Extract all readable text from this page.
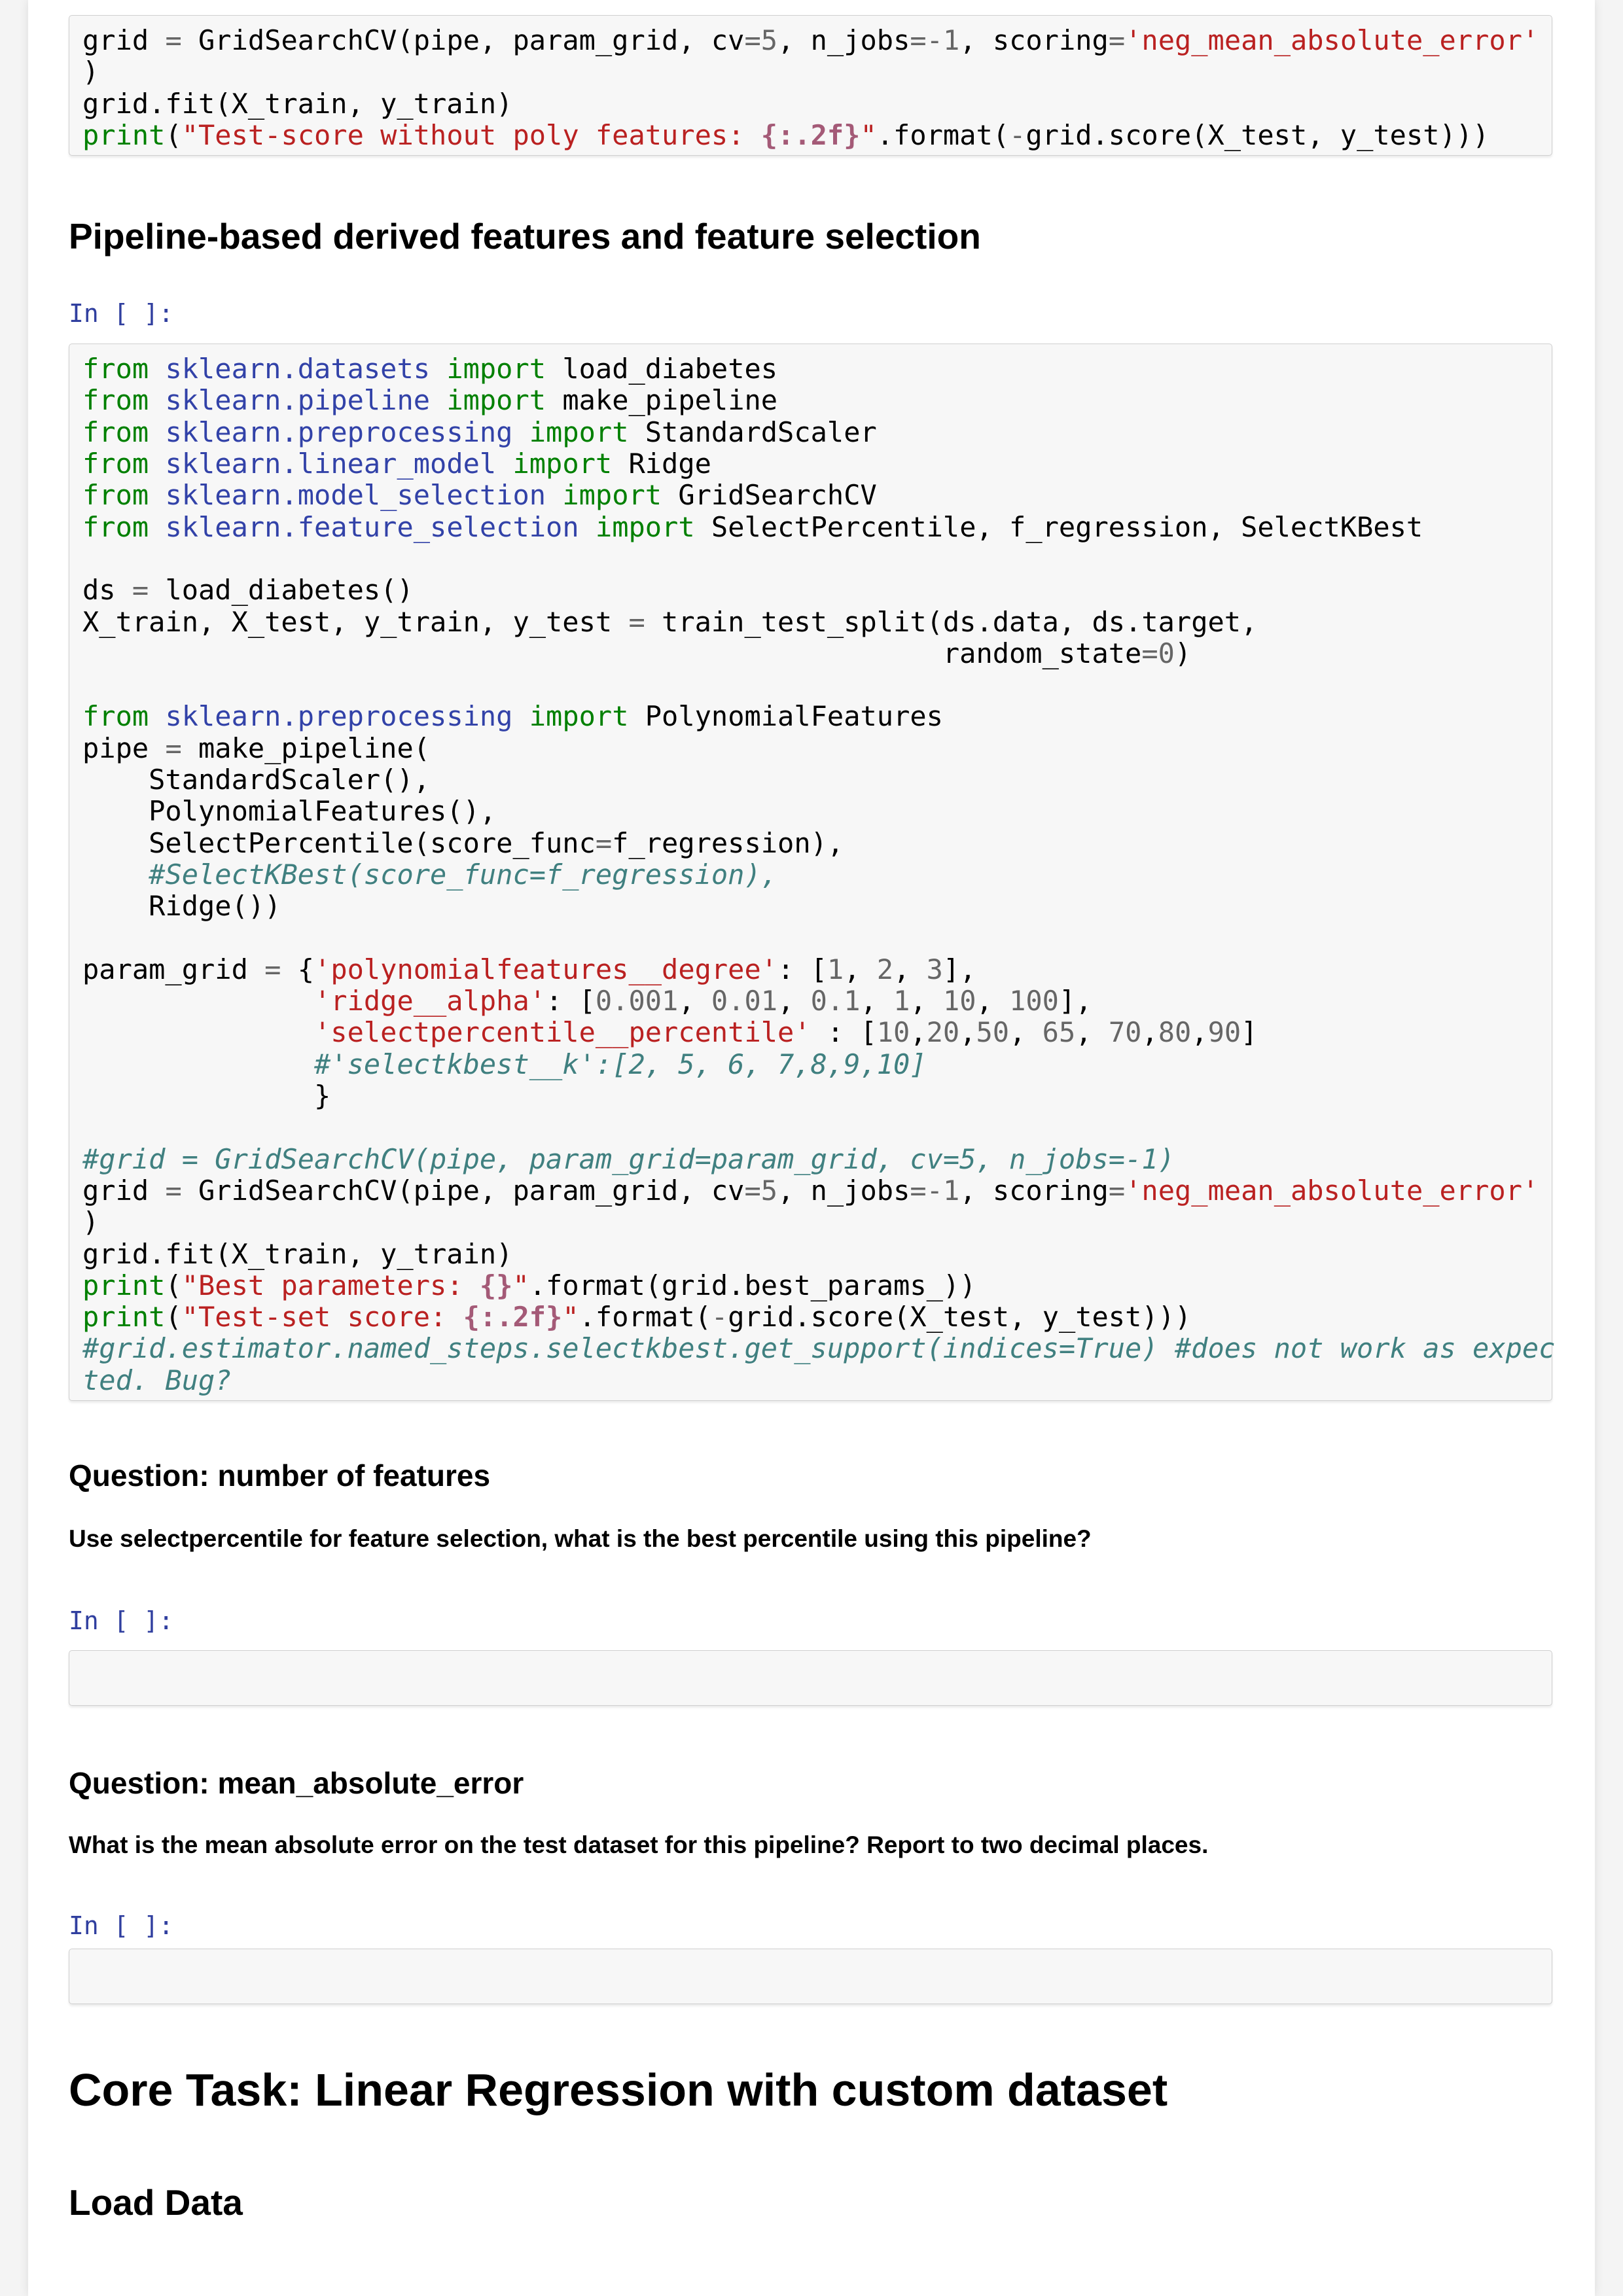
grid = GridSearchCV(pipe, param_grid, cv=5, n_jobs=-1, scoring='neg_mean_absolute_error'
)
grid.fit(X_train, y_train)
print("Test-score without poly features: {:.2f}".format(-grid.score(X_test, y_test)))
Pipeline-based derived features and feature selection
In [ ]:
from sklearn.datasets import load_diabetes
from sklearn.pipeline import make_pipeline
from sklearn.preprocessing import StandardScaler
from sklearn.linear_model import Ridge
from sklearn.model_selection import GridSearchCV
from sklearn.feature_selection import SelectPercentile, f_regression, SelectKBest

ds = load_diabetes()
X_train, X_test, y_train, y_test = train_test_split(ds.data, ds.target,
random_state=0)

from sklearn.preprocessing import PolynomialFeatures
pipe = make_pipeline(
StandardScaler(),
PolynomialFeatures(),
SelectPercentile(score_func=f_regression),
#SelectKBest(score_func=f_regression),
Ridge())

param_grid = {'polynomialfeatures__degree': [1, 2, 3],
'ridge__alpha': [0.001, 0.01, 0.1, 1, 10, 100],
'selectpercentile__percentile' : [10,20,50, 65, 70,80,90]
#'selectkbest__k':[2, 5, 6, 7,8,9,10]
}

#grid = GridSearchCV(pipe, param_grid=param_grid, cv=5, n_jobs=-1)
grid = GridSearchCV(pipe, param_grid, cv=5, n_jobs=-1, scoring='neg_mean_absolute_error'
)
grid.fit(X_train, y_train)
print("Best parameters: {}".format(grid.best_params_))
print("Test-set score: {:.2f}".format(-grid.score(X_test, y_test)))
#grid.estimator.named_steps.selectkbest.get_support(indices=True) #does not work as expec
ted. Bug?
Question: number of features

Use selectpercentile for feature selection, what is the best percentile using this pipeline?

In [ ]:

Question: mean_absolute_error

What is the mean absolute error on the test dataset for this pipeline? Report to two decimal places.

In [ ]:

Core Task: Linear Regression with custom dataset
Load Data
